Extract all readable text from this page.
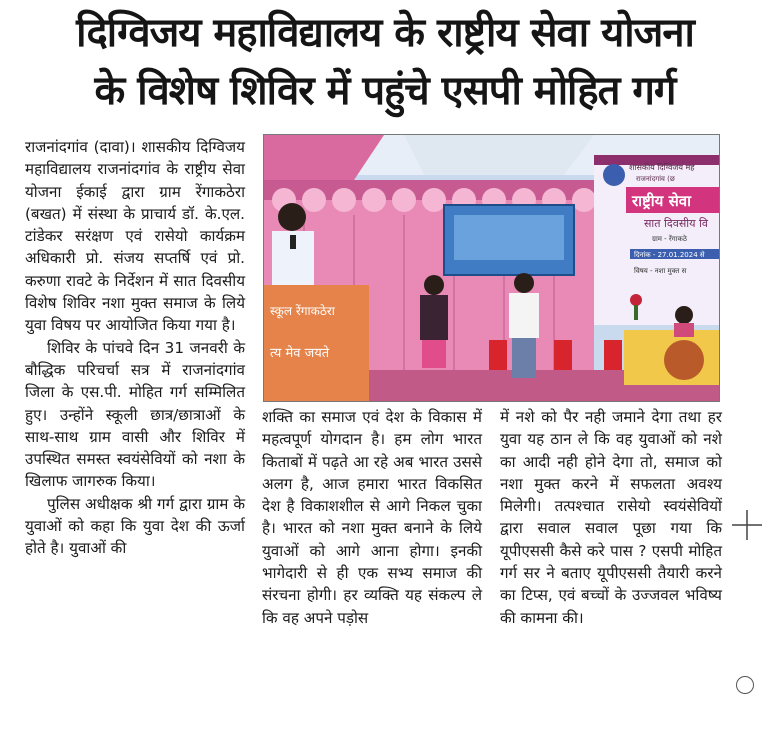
दिग्विजय महाविद्यालय के राष्ट्रीय सेवा योजना
के विशेष शिविर में पहुंचे एसपी मोहित गर्ग
शासकीय दिग्विजय मह
राजनांदगांव (छ
राष्ट्रीय सेवा
सात दिवसीय वि
ग्राम - रेंगाकठे
दिनांक - 27.01.2024 से
विषय - नशा मुक्त स
स्कूल रेंगाकठेरा
त्य मेव जयते

राजनांदगांव (दावा)। शासकीय दिग्विजय महाविद्यालय राजनांदगांव के राष्ट्रीय सेवा योजना ईकाई द्वारा ग्राम रेंगाकठेरा (बखत) में संस्था के प्राचार्य डॉ. के.एल. टांडेकर सरंक्षण एवं रासेयो कार्यक्रम अधिकारी प्रो. संजय सप्तर्षि एवं प्रो. करुणा रावटे के निर्देशन में सात दिवसीय विशेष शिविर नशा मुक्त समाज के लिये युवा विषय पर आयोजित किया गया है।

शिविर के पांचवे दिन 31 जनवरी के बौद्धिक परिचर्चा सत्र में राजनांदगांव जिला के एस.पी. मोहित गर्ग सम्मिलित हुए। उन्होंने स्कूली छात्र/छात्राओं के साथ-साथ ग्राम वासी और शिविर में उपस्थित समस्त स्वयंसेवियों को नशा के खिलाफ जागरुक किया।

पुलिस अधीक्षक श्री गर्ग द्वारा ग्राम के युवाओं को कहा कि युवा देश की ऊर्जा होते है। युवाओं की

शक्ति का समाज एवं देश के विकास में महत्वपूर्ण योगदान है। हम लोग भारत किताबों में पढ़ते आ रहे अब भारत उससे अलग है, आज हमारा भारत विकसित देश है विकाशशील से आगे निकल चुका है। भारत को नशा मुक्त बनाने के लिये युवाओं को आगे आना होगा। इनकी भागेदारी से ही एक सभ्य समाज की संरचना होगी। हर व्यक्ति यह संकल्प ले कि वह अपने पड़ोस

में नशे को पैर नही जमाने देगा तथा हर युवा यह ठान ले कि वह युवाओं को नशे का आदी नही होने देगा तो, समाज को नशा मुक्त करने में सफलता अवश्य मिलेगी। तत्पश्चात रासेयो स्वयंसेवियों द्वारा सवाल सवाल पूछा गया कि यूपीएससी कैसे करे पास ? एसपी मोहित गर्ग सर ने बताए यूपीएससी तैयारी करने का टिप्स, एवं बच्चों के उज्जवल भविष्य की कामना की।
